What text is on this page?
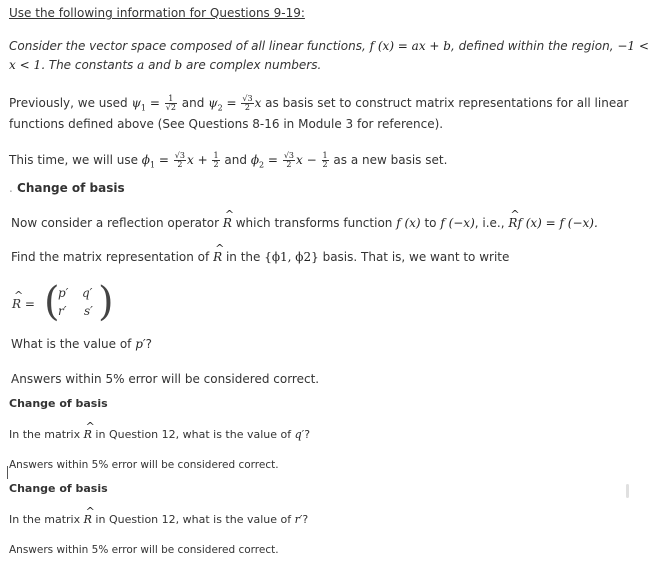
Use the following information for Questions 9-19:
Consider the vector space composed of all linear functions, f (x) = ax + b, defined within the region, −1 <
x < 1. The constants a and b are complex numbers.
Previously, we used $\psi_1 = \frac{1}{√2}$ and $\psi_2 = \frac{√3}{2}$ x as basis set to construct matrix representations for all linear
functions defined above (See Questions 8-16 in Module 3 for reference).
This time, we will use $\phi_1 = \frac{√3}{2}$ $x + \frac{1}{2}$ and $\phi_2 = \frac{√3}{2}$ $x - \frac{1}{2}$ as a new basis set.
. Change of basis
Now consider a reflection operator ^ R which transforms function f (x) to f (−x), i.e., ^ Rf (x) = f (−x).
Find the matrix representation of ^ R in the {ϕ1, ϕ2} basis. That is, we want to write
^ R = (
p′ q′
r′ s′ )
What is the value of p′?
Answers within 5% error will be considered correct.
Change of basis
In the matrix ^ R in Question 12, what is the value of q′?
Answers within 5% error will be considered correct.
Change of basis
In the matrix ^ R in Question 12, what is the value of r′?
Answers within 5% error will be considered correct.
